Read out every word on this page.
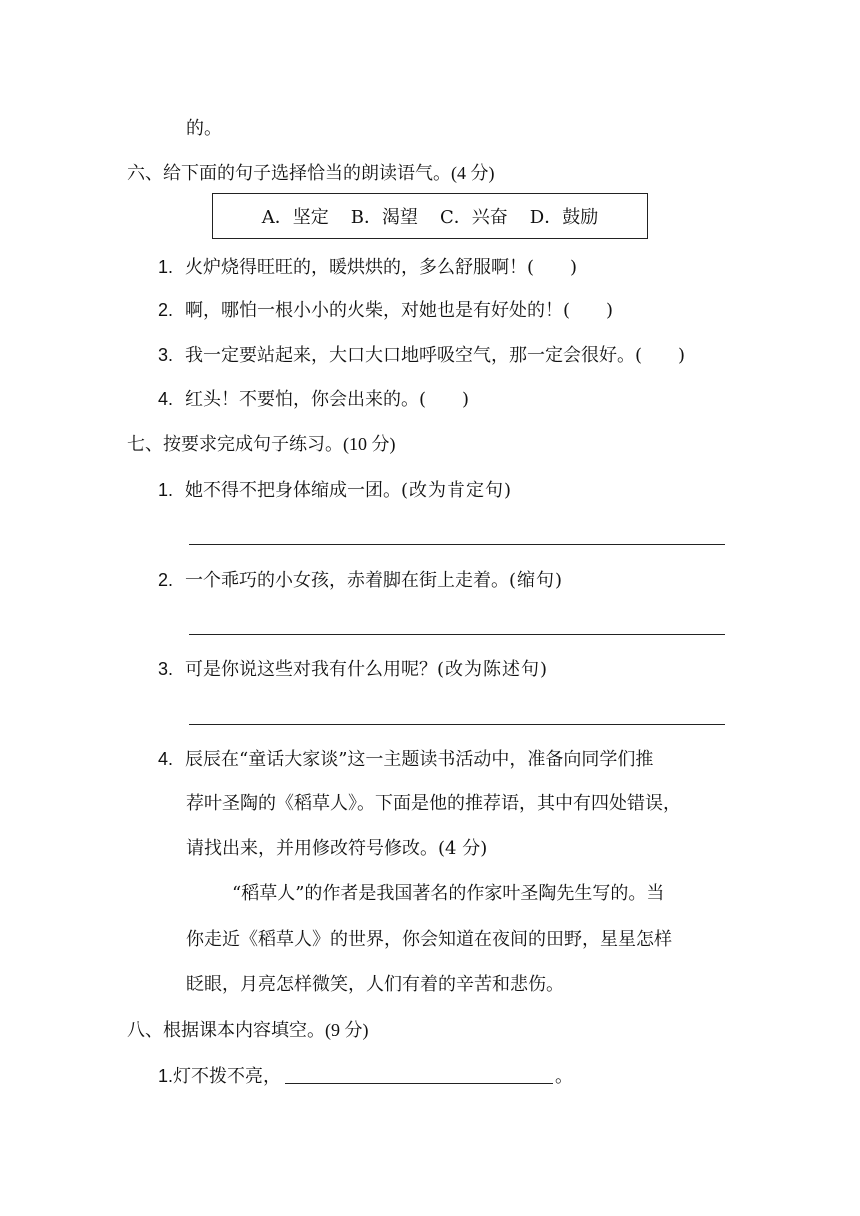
的。
六、给下面的句子选择恰当的朗读语气。(4 分)
A．坚定 B．渴望 C．兴奋 D．鼓励
1. 火炉烧得旺旺的，暖烘烘的，多么舒服啊！(　　)
2. 啊，哪怕一根小小的火柴，对她也是有好处的！(　　)
3. 我一定要站起来，大口大口地呼吸空气，那一定会很好。(　　)
4. 红头！不要怕，你会出来的。(　　)
七、按要求完成句子练习。(10 分)
1. 她不得不把身体缩成一团。(改为肯定句)
2. 一个乖巧的小女孩，赤着脚在街上走着。(缩句)
3. 可是你说这些对我有什么用呢？(改为陈述句)
4. 辰辰在“童话大家谈”这一主题读书活动中，准备向同学们推
荐叶圣陶的《稻草人》。下面是他的推荐语，其中有四处错误，
请找出来，并用修改符号修改。(4 分)
“稻草人”的作者是我国著名的作家叶圣陶先生写的。当
你走近《稻草人》的世界，你会知道在夜间的田野，星星怎样
眨眼，月亮怎样微笑，人们有着的辛苦和悲伤。
八、根据课本内容填空。(9 分)
1.灯不拨不亮，	。
